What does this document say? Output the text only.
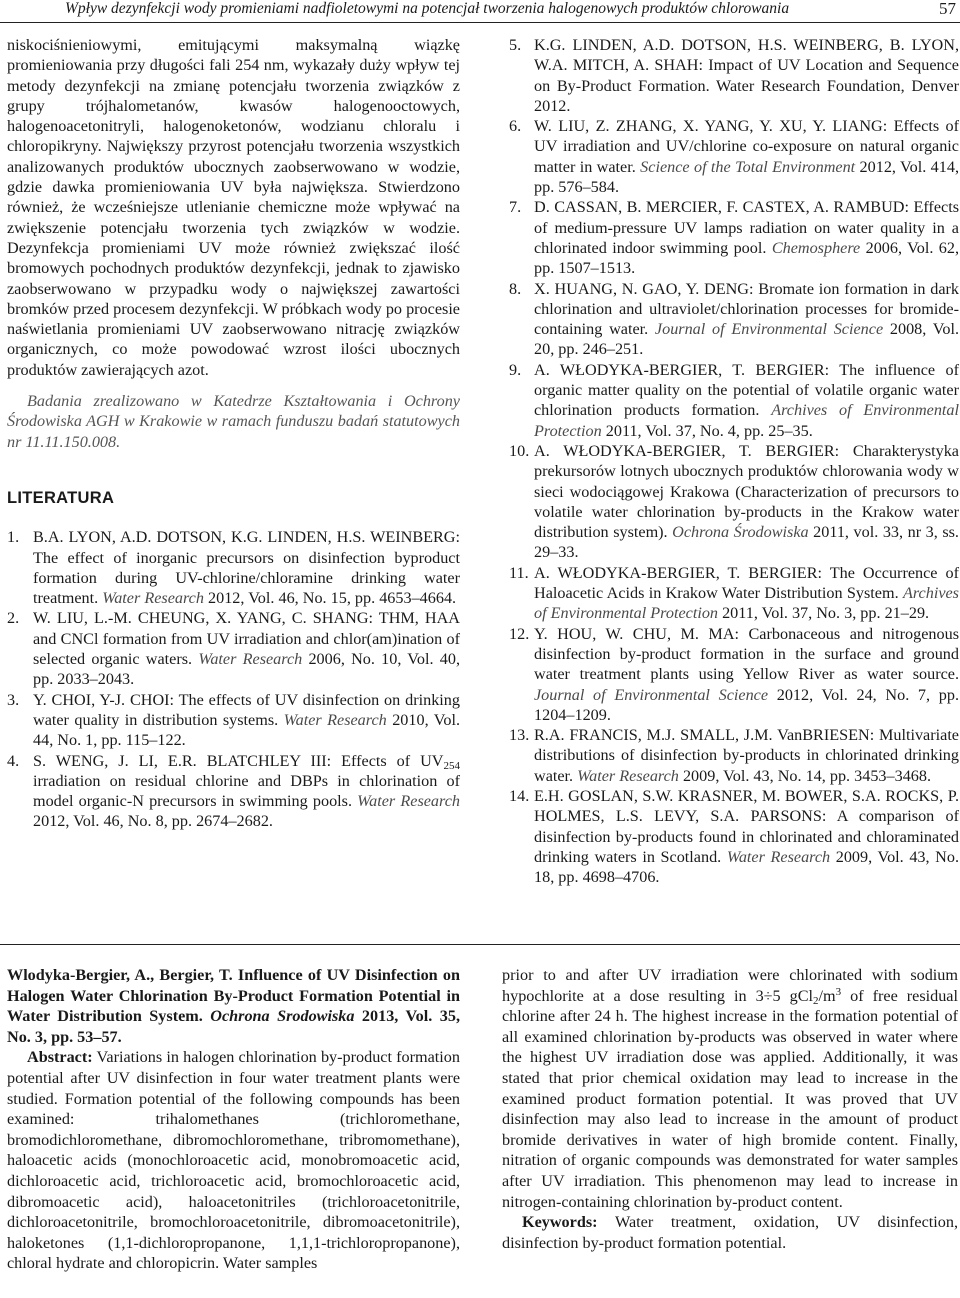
Wpływ dezynfekcji wody promieniami nadfioletowymi na potencjał tworzenia halogenowych produktów chlorowania	57

niskociśnieniowymi, emitującymi maksymalną wiązkę promieniowania przy długości fali 254 nm, wykazały duży wpływ tej metody dezynfekcji na zmianę potencjału tworzenia związków z grupy trójhalometanów, kwasów halogenooctowych, halogenoacetonitryli, halogenoketonów, wodzianu chloralu i chloropikryny. Największy przyrost potencjału tworzenia wszystkich analizowanych produktów ubocznych zaobserwowano w wodzie, gdzie dawka promieniowania UV była największa. Stwierdzono również, że wcześniejsze utlenianie chemiczne może wpływać na zwiększenie potencjału tworzenia tych związków w wodzie. Dezynfekcja promieniami UV może również zwiększać ilość bromowych pochodnych produktów dezynfekcji, jednak to zjawisko zaobserwowano w przypadku wody o największej zawartości bromków przed procesem dezynfekcji. W próbkach wody po procesie naświetlania promieniami UV zaobserwowano nitrację związków organicznych, co może powodować wzrost ilości ubocznych produktów zawierających azot.

Badania zrealizowano w Katedrze Kształtowania i Ochrony Środowiska AGH w Krakowie w ramach funduszu badań statutowych nr 11.11.150.008.

LITERATURA
1. B.A. LYON, A.D. DOTSON, K.G. LINDEN, H.S. WEINBERG: The effect of inorganic precursors on disinfection byproduct formation during UV-chlorine/chloramine drinking water treatment. Water Research 2012, Vol. 46, No. 15, pp. 4653–4664.
2. W. LIU, L.-M. CHEUNG, X. YANG, C. SHANG: THM, HAA and CNCl formation from UV irradiation and chlor(am)ination of selected organic waters. Water Research 2006, No. 10, Vol. 40, pp. 2033–2043.
3. Y. CHOI, Y-J. CHOI: The effects of UV disinfection on drinking water quality in distribution systems. Water Research 2010, Vol. 44, No. 1, pp. 115–122.
4. S. WENG, J. LI, E.R. BLATCHLEY III: Effects of $UV_{254}$ irradiation on residual chlorine and DBPs in chlorination of model organic-N precursors in swimming pools. Water Research 2012, Vol. 46, No. 8, pp. 2674–2682.
5. K.G. LINDEN, A.D. DOTSON, H.S. WEINBERG, B. LYON, W.A. MITCH, A. SHAH: Impact of UV Location and Sequence on By-Product Formation. Water Research Foundation, Denver 2012.
6. W. LIU, Z. ZHANG, X. YANG, Y. XU, Y. LIANG: Effects of UV irradiation and UV/chlorine co-exposure on natural organic matter in water. Science of the Total Environment 2012, Vol. 414, pp. 576–584.
7. D. CASSAN, B. MERCIER, F. CASTEX, A. RAMBUD: Effects of medium-pressure UV lamps radiation on water quality in a chlorinated indoor swimming pool. Chemosphere 2006, Vol. 62, pp. 1507–1513.
8. X. HUANG, N. GAO, Y. DENG: Bromate ion formation in dark chlorination and ultraviolet/chlorination processes for bromide-containing water. Journal of Environmental Science 2008, Vol. 20, pp. 246–251.
9. A. WŁODYKA-BERGIER, T. BERGIER: The influence of organic matter quality on the potential of volatile organic water chlorination products formation. Archives of Environmental Protection 2011, Vol. 37, No. 4, pp. 25–35.
10. A. WŁODYKA-BERGIER, T. BERGIER: Charakterystyka prekursorów lotnych ubocznych produktów chlorowania wody w sieci wodociągowej Krakowa (Characterization of precursors to volatile water chlorination by-products in the Krakow water distribution system). Ochrona Środowiska 2011, vol. 33, nr 3, ss. 29–33.
11. A. WŁODYKA-BERGIER, T. BERGIER: The Occurrence of Haloacetic Acids in Krakow Water Distribution System. Archives of Environmental Protection 2011, Vol. 37, No. 3, pp. 21–29.
12. Y. HOU, W. CHU, M. MA: Carbonaceous and nitrogenous disinfection by-product formation in the surface and ground water treatment plants using Yellow River as water source. Journal of Environmental Science 2012, Vol. 24, No. 7, pp. 1204–1209.
13. R.A. FRANCIS, M.J. SMALL, J.M. VanBRIESEN: Multivariate distributions of disinfection by-products in chlorinated drinking water. Water Research 2009, Vol. 43, No. 14, pp. 3453–3468.
14. E.H. GOSLAN, S.W. KRASNER, M. BOWER, S.A. ROCKS, P. HOLMES, L.S. LEVY, S.A. PARSONS: A comparison of disinfection by-products found in chlorinated and chloraminated drinking waters in Scotland. Water Research 2009, Vol. 43, No. 18, pp. 4698–4706.

Wlodyka-Bergier, A., Bergier, T. Influence of UV Disinfection on Halogen Water Chlorination By-Product Formation Potential in Water Distribution System. Ochrona Srodowiska 2013, Vol. 35, No. 3, pp. 53–57.

Abstract: Variations in halogen chlorination by-product formation potential after UV disinfection in four water treatment plants were studied. Formation potential of the following compounds has been examined: trihalomethanes (trichloromethane, bromodichloromethane, dibromochloromethane, tribromomethane), haloacetic acids (monochloroacetic acid, monobromoacetic acid, dichloroacetic acid, trichloroacetic acid, bromochloroacetic acid, dibromoacetic acid), haloacetonitriles (trichloroacetonitrile, dichloroacetonitrile, bromochloroacetonitrile, dibromoacetonitrile), haloketones (1,1-dichloropropanone, 1,1,1-trichloropropanone), chloral hydrate and chloropicrin. Water samples

prior to and after UV irradiation were chlorinated with sodium hypochlorite at a dose resulting in 3÷5 $gCl_2/m^3$ of free residual chlorine after 24 h. The highest increase in the formation potential of all examined chlorination by-products was observed in water where the highest UV irradiation dose was applied. Additionally, it was stated that prior chemical oxidation may lead to increase in the examined product formation potential. It was proved that UV disinfection may also lead to increase in the amount of product bromide derivatives in water of high bromide content. Finally, nitration of organic compounds was demonstrated for water samples after UV irradiation. This phenomenon may lead to increase in nitrogen-containing chlorination by-product content.

Keywords: Water treatment, oxidation, UV disinfection, disinfection by-product formation potential.
